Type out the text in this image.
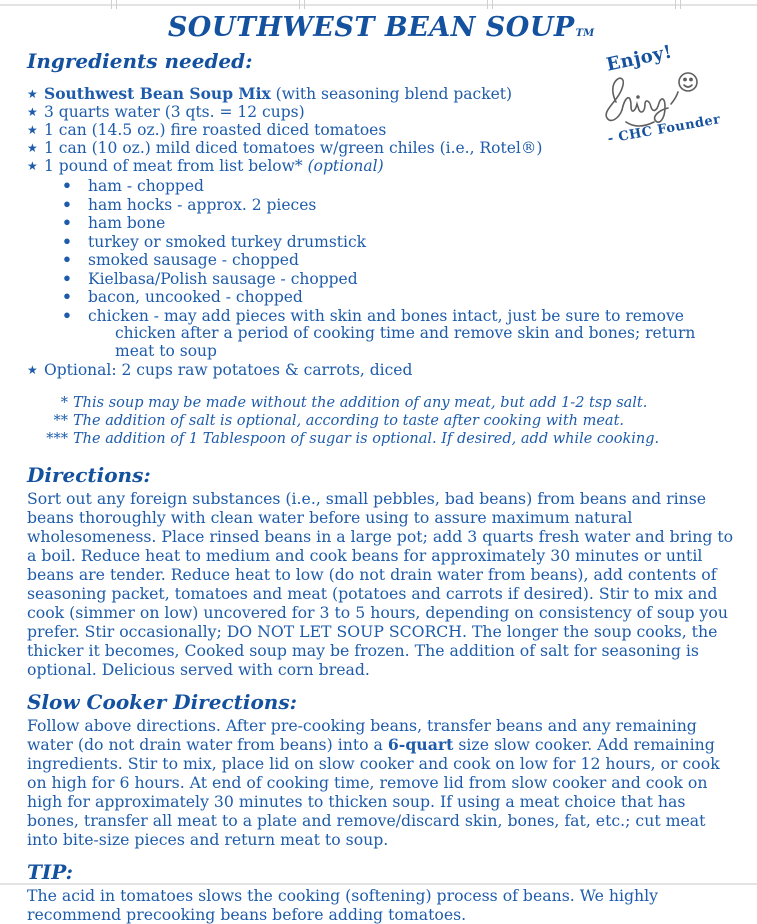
SOUTHWEST BEAN SOUPTM
Ingredients needed:
★ Southwest Bean Soup Mix (with seasoning blend packet)
★ 3 quarts water (3 qts. = 12 cups)
★ 1 can (14.5 oz.) fire roasted diced tomatoes
★ 1 can (10 oz.) mild diced tomatoes w/green chiles (i.e., Rotel®)
★ 1 pound of meat from list below* (optional)
• ham - chopped
• ham hocks - approx. 2 pieces
• ham bone
• turkey or smoked turkey drumstick
• smoked sausage - chopped
• Kielbasa/Polish sausage - chopped
• bacon, uncooked - chopped
• chicken - may add pieces with skin and bones intact, just be sure to remove chicken after a period of cooking time and remove skin and bones; return meat to soup
★ Optional: 2 cups raw potatoes & carrots, diced
* This soup may be made without the addition of any meat, but add 1-2 tsp salt.
** The addition of salt is optional, according to taste after cooking with meat.
*** The addition of 1 Tablespoon of sugar is optional. If desired, add while cooking.
Directions:

Sort out any foreign substances (i.e., small pebbles, bad beans) from beans and rinse beans thoroughly with clean water before using to assure maximum natural wholesomeness. Place rinsed beans in a large pot; add 3 quarts fresh water and bring to a boil. Reduce heat to medium and cook beans for approximately 30 minutes or until beans are tender. Reduce heat to low (do not drain water from beans), add contents of seasoning packet, tomatoes and meat (potatoes and carrots if desired). Stir to mix and cook (simmer on low) uncovered for 3 to 5 hours, depending on consistency of soup you prefer. Stir occasionally; DO NOT LET SOUP SCORCH. The longer the soup cooks, the thicker it becomes, Cooked soup may be frozen. The addition of salt for seasoning is optional. Delicious served with corn bread.

Slow Cooker Directions:

Follow above directions. After pre-cooking beans, transfer beans and any remaining water (do not drain water from beans) into a 6-quart size slow cooker. Add remaining ingredients. Stir to mix, place lid on slow cooker and cook on low for 12 hours, or cook on high for 6 hours. At end of cooking time, remove lid from slow cooker and cook on high for approximately 30 minutes to thicken soup. If using a meat choice that has bones, transfer all meat to a plate and remove/discard skin, bones, fat, etc.; cut meat into bite-size pieces and return meat to soup.

TIP:

The acid in tomatoes slows the cooking (softening) process of beans. We highly recommend precooking beans before adding tomatoes.

Enjoy!
- CHC Founder
